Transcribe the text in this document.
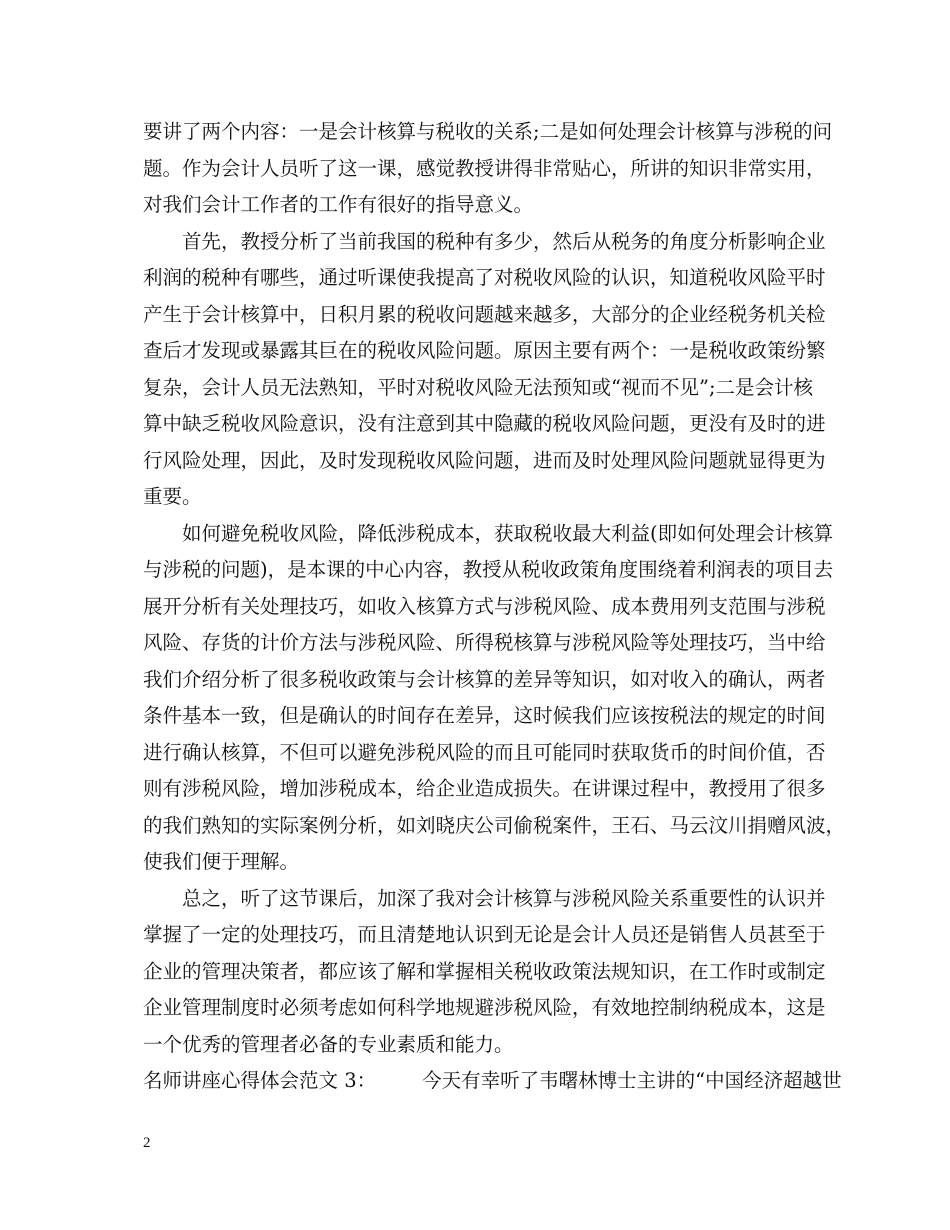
要讲了两个内容：一是会计核算与税收的关系;二是如何处理会计核算与涉税的问
题。作为会计人员听了这一课，感觉教授讲得非常贴心，所讲的知识非常实用，
对我们会计工作者的工作有很好的指导意义。
首先，教授分析了当前我国的税种有多少，然后从税务的角度分析影响企业
利润的税种有哪些，通过听课使我提高了对税收风险的认识，知道税收风险平时
产生于会计核算中，日积月累的税收问题越来越多，大部分的企业经税务机关检
查后才发现或暴露其巨在的税收风险问题。原因主要有两个：一是税收政策纷繁
复杂，会计人员无法熟知，平时对税收风险无法预知或“视而不见”;二是会计核
算中缺乏税收风险意识，没有注意到其中隐藏的税收风险问题，更没有及时的进
行风险处理，因此，及时发现税收风险问题，进而及时处理风险问题就显得更为
重要。
如何避免税收风险，降低涉税成本，获取税收最大利益(即如何处理会计核算
与涉税的问题)，是本课的中心内容，教授从税收政策角度围绕着利润表的项目去
展开分析有关处理技巧，如收入核算方式与涉税风险、成本费用列支范围与涉税
风险、存货的计价方法与涉税风险、所得税核算与涉税风险等处理技巧，当中给
我们介绍分析了很多税收政策与会计核算的差异等知识，如对收入的确认，两者
条件基本一致，但是确认的时间存在差异，这时候我们应该按税法的规定的时间
进行确认核算，不但可以避免涉税风险的而且可能同时获取货币的时间价值，否
则有涉税风险，增加涉税成本，给企业造成损失。在讲课过程中，教授用了很多
的我们熟知的实际案例分析，如刘晓庆公司偷税案件，王石、马云汶川捐赠风波，
使我们便于理解。
总之，听了这节课后，加深了我对会计核算与涉税风险关系重要性的认识并
掌握了一定的处理技巧，而且清楚地认识到无论是会计人员还是销售人员甚至于
企业的管理决策者，都应该了解和掌握相关税收政策法规知识，在工作时或制定
企业管理制度时必须考虑如何科学地规避涉税风险，有效地控制纳税成本，这是
一个优秀的管理者必备的专业素质和能力。
名师讲座心得体会范文 3： 今天有幸听了韦曙林博士主讲的“中国经济超越世
2
